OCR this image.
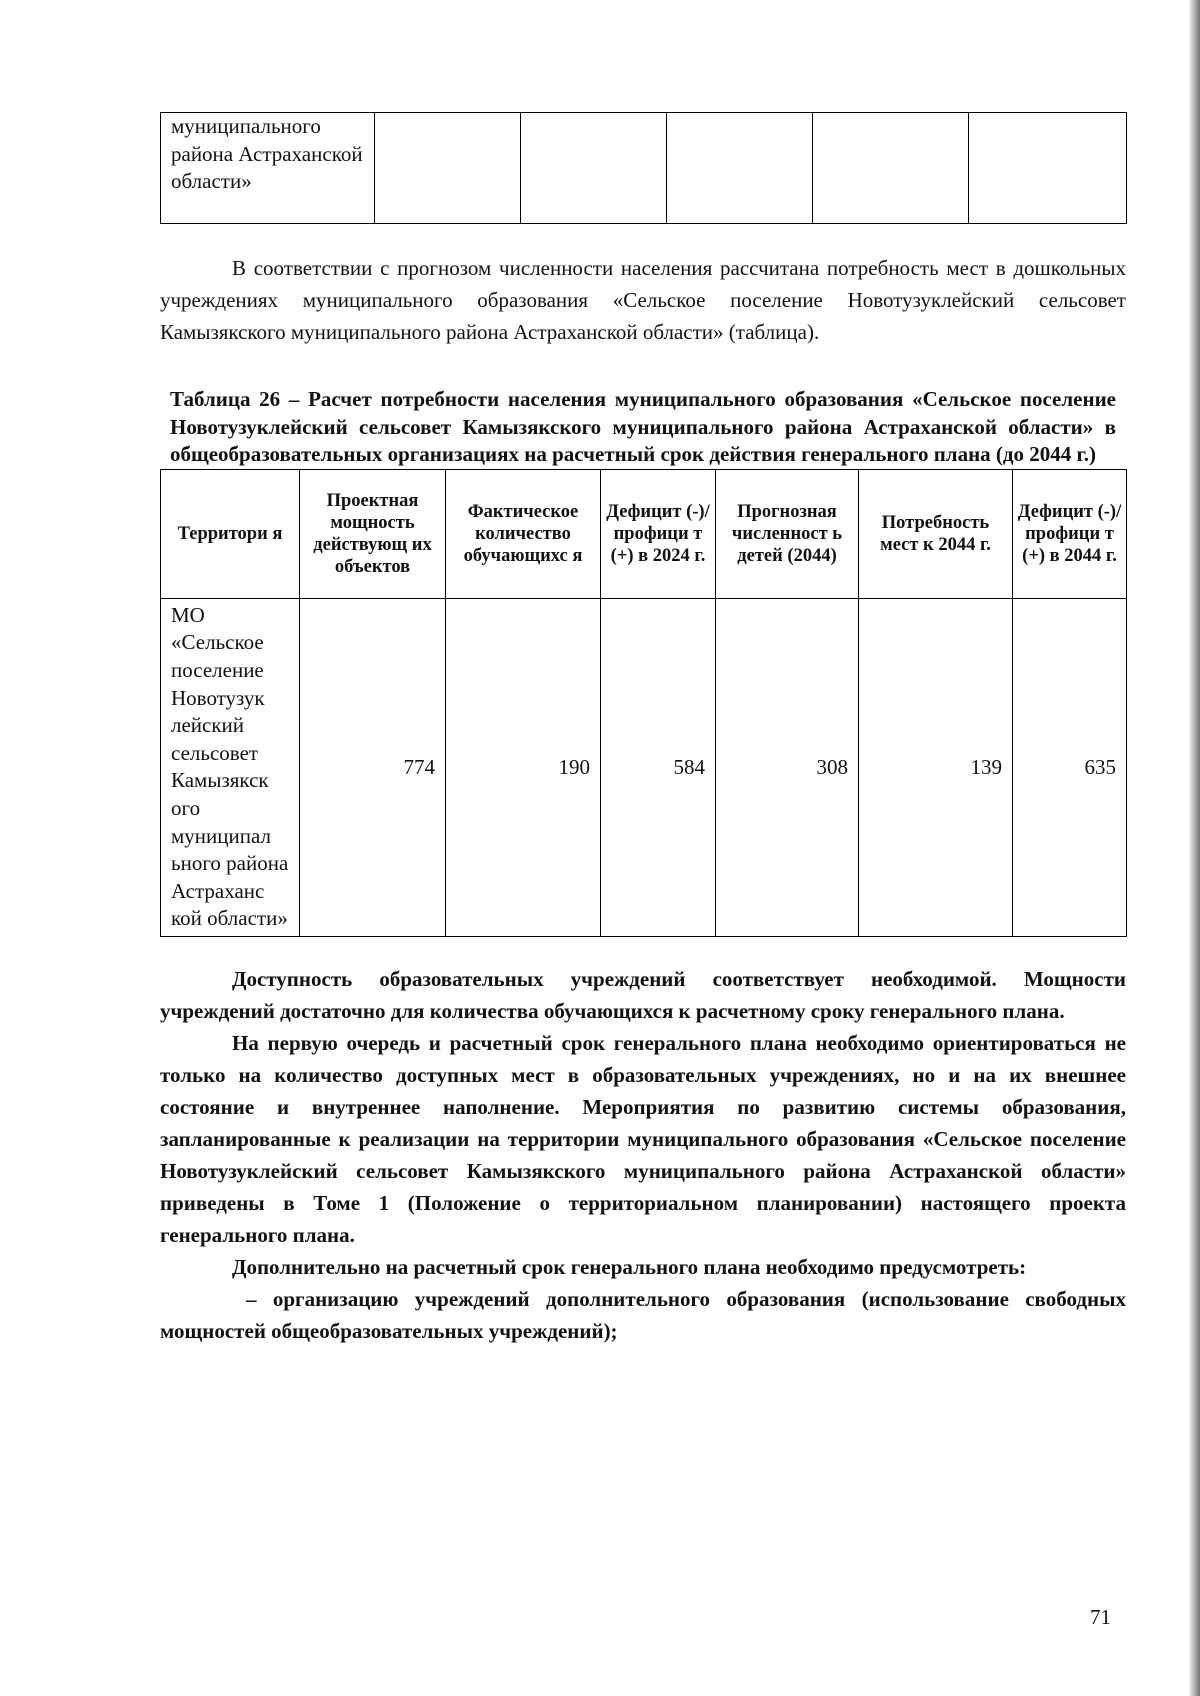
муниципального района Астраханской области»					

В соответствии с прогнозом численности населения рассчитана потребность мест в дошкольных учреждениях муниципального образования «Сельское поселение Новотузуклейский сельсовет Камызякского муниципального района Астраханской области» (таблица).

Таблица 26 – Расчет потребности населения муниципального образования «Сельское поселение Новотузуклейский сельсовет Камызякского муниципального района Астраханской области» в общеобразовательных организациях на расчетный срок действия генерального плана (до 2044 г.)
Территори я	Проектная мощность действующ их объектов	Фактическое количество обучающихс я	Дефицит (-)/ профици т (+) в 2024 г.	Прогнозная численност ь детей (2044)	Потребность мест к 2044 г.	Дефицит (-)/ профици т (+) в 2044 г.
МО «Сельское поселение Новотузук лейский сельсовет Камызякск ого муниципал ьного района Астраханс кой области»	774	190	584	308	139	635

Доступность образовательных учреждений соответствует необходимой. Мощности учреждений достаточно для количества обучающихся к расчетному сроку генерального плана.

На первую очередь и расчетный срок генерального плана необходимо ориентироваться не только на количество доступных мест в образовательных учреждениях, но и на их внешнее состояние и внутреннее наполнение. Мероприятия по развитию системы образования, запланированные к реализации на территории муниципального образования «Сельское поселение Новотузуклейский сельсовет Камызякского муниципального района Астраханской области» приведены в Томе 1 (Положение о территориальном планировании) настоящего проекта генерального плана.

Дополнительно на расчетный срок генерального плана необходимо предусмотреть:

– организацию учреждений дополнительного образования (использование свободных мощностей общеобразовательных учреждений);

71
